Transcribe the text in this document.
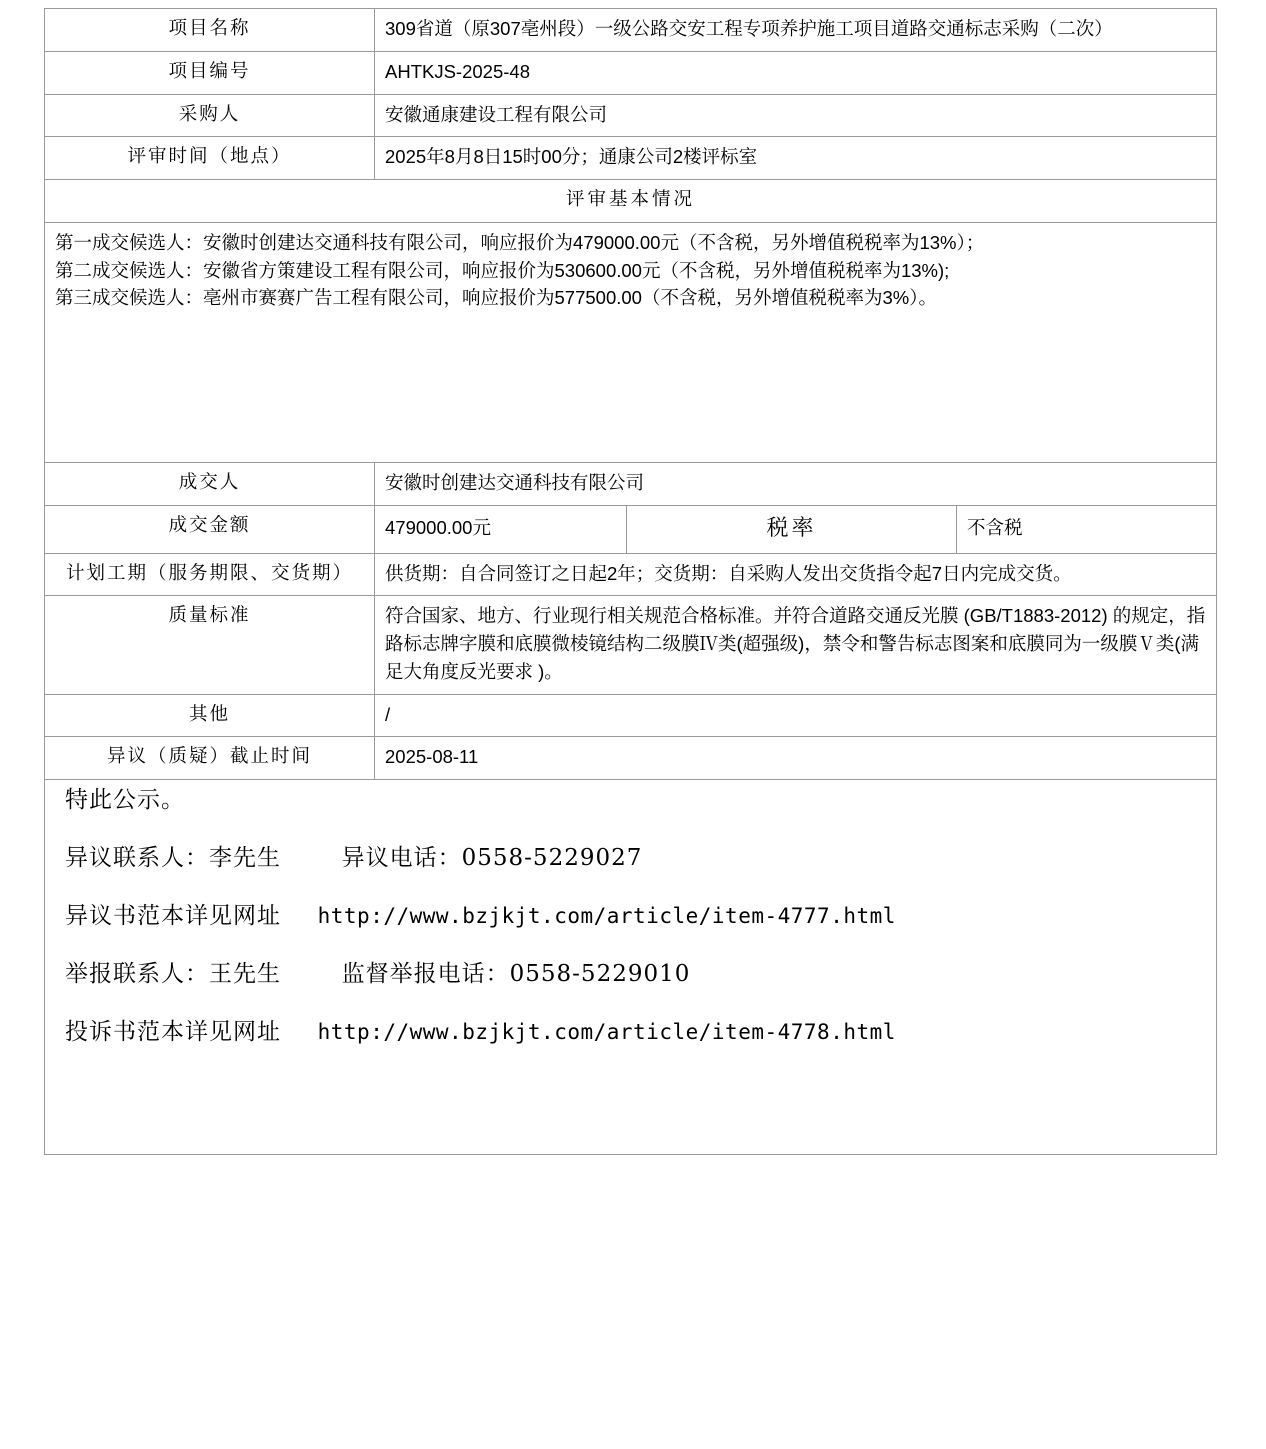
项目名称	309省道（原307亳州段）一级公路交安工程专项养护施工项目道路交通标志采购（二次）		
项目编号	AHTKJS-2025-48		
采购人	安徽通康建设工程有限公司		
评审时间（地点）	2025年8月8日15时00分；通康公司2楼评标室		
评审基本情况			

第一成交候选人：安徽时创建达交通科技有限公司，响应报价为479000.00元（不含税，另外增值税税率为13%）；
第二成交候选人：安徽省方策建设工程有限公司，响应报价为530600.00元（不含税，另外增值税税率为13%);
第三成交候选人：亳州市赛赛广告工程有限公司，响应报价为577500.00（不含税，另外增值税税率为3%）。			

成交人	安徽时创建达交通科技有限公司		
成交金额	479000.00元	税率	不含税
计划工期（服务期限、交货期）	供货期：自合同签订之日起2年；交货期：自采购人发出交货指令起7日内完成交货。		
质量标准	符合国家、地方、行业现行相关规范合格标准。并符合道路交通反光膜 (GB/T1883-2012) 的规定，指路标志牌字膜和底膜微棱镜结构二级膜Ⅳ类(超强级)，禁令和警告标志图案和底膜同为一级膜Ⅴ类(满足大角度反光要求 )。		
其他	/		
异议（质疑）截止时间	2025-08-11		

特此公示。
异议联系人：李先生 异议电话：0558-5229027
异议书范本详见网址 http://www.bzjkjt.com/article/item-4777.html
举报联系人：王先生 监督举报电话：0558-5229010
投诉书范本详见网址 http://www.bzjkjt.com/article/item-4778.html			
